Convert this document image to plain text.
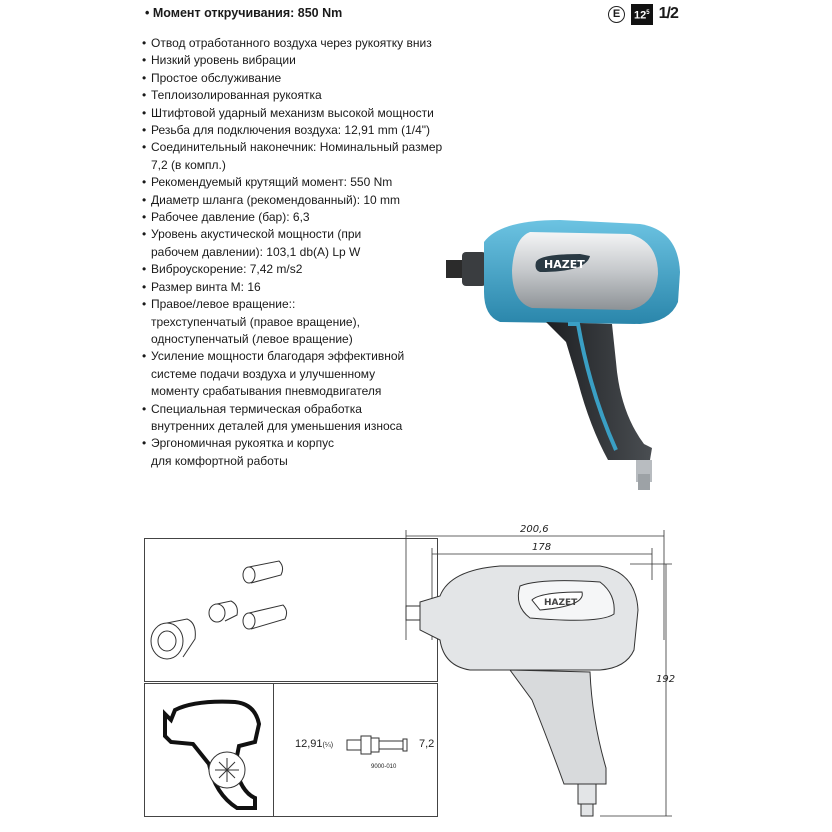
• Момент откручивания: 850 Nm	E	$12^5$ 1/2
• Отвод отработанного воздуха через рукоятку вниз
• Низкий уровень вибрации
• Простое обслуживание
• Теплоизолированная рукоятка
• Штифтовой ударный механизм высокой мощности
• Резьба для подключения воздуха: 12,91 mm (1/4")
• Соединительный наконечник: Номинальный размер 7,2 (в компл.)
• Рекомендуемый крутящий момент: 550 Nm
• Диаметр шланга (рекомендованный): 10 mm
• Рабочее давление (бар): 6,3
• Уровень акустической мощности (при
рабочем давлении): 103,1 db(A) Lp W
• Виброускорение: 7,42 m/s2
• Размер винта M: 16
• Правое/левое вращение::
трехступенчатый (правое вращение),
одноступенчатый (левое вращение)
• Усиление мощности благодаря эффективной
системе подачи воздуха и улучшенному
моменту срабатывания пневмодвигателя
• Специальная термическая обработка
внутренних деталей для уменьшения износа
• Эргономичная рукоятка и корпус
для комфортной работы
HAZET
12,91(¼)	7,2
9000-010
HAZET
200,6
178
192
